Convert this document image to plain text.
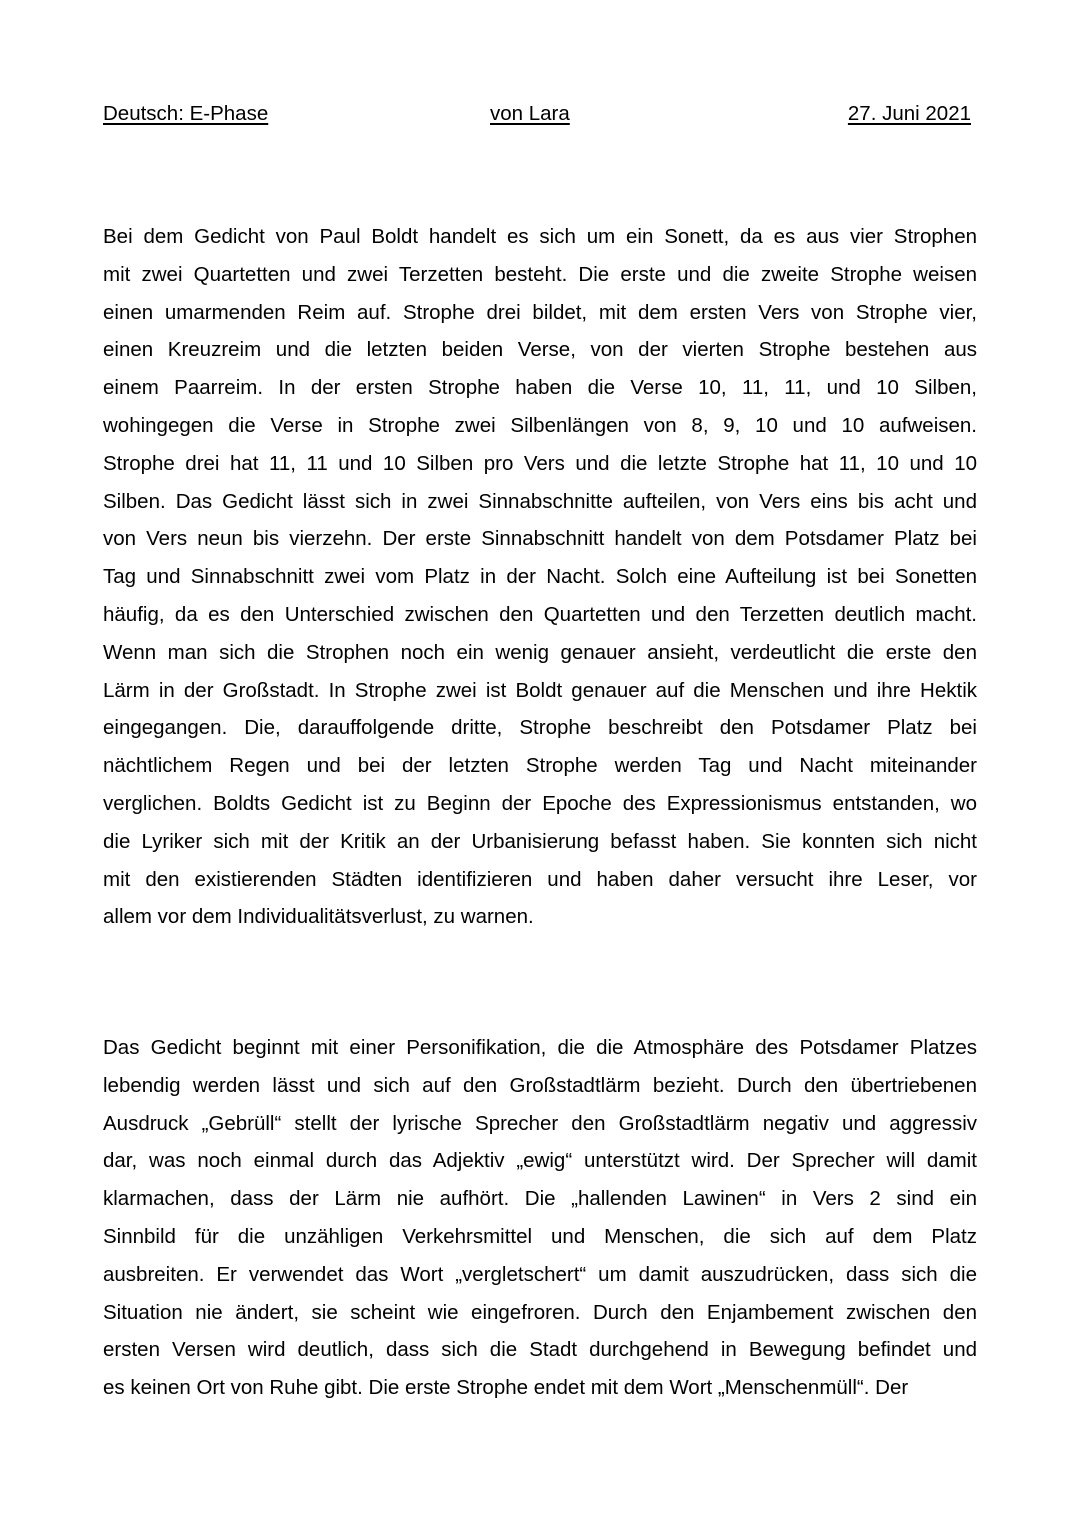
Deutsch: E-Phase	von Lara	27. Juni 2021
Bei dem Gedicht von Paul Boldt handelt es sich um ein Sonett, da es aus vier Strophen
mit zwei Quartetten und zwei Terzetten besteht. Die erste und die zweite Strophe weisen
einen umarmenden Reim auf. Strophe drei bildet, mit dem ersten Vers von Strophe vier,
einen Kreuzreim und die letzten beiden Verse, von der vierten Strophe bestehen aus
einem Paarreim. In der ersten Strophe haben die Verse 10, 11, 11, und 10 Silben,
wohingegen die Verse in Strophe zwei Silbenlängen von 8, 9, 10 und 10 aufweisen.
Strophe drei hat 11, 11 und 10 Silben pro Vers und die letzte Strophe hat 11, 10 und 10
Silben. Das Gedicht lässt sich in zwei Sinnabschnitte aufteilen, von Vers eins bis acht und
von Vers neun bis vierzehn. Der erste Sinnabschnitt handelt von dem Potsdamer Platz bei
Tag und Sinnabschnitt zwei vom Platz in der Nacht. Solch eine Aufteilung ist bei Sonetten
häufig, da es den Unterschied zwischen den Quartetten und den Terzetten deutlich macht.
Wenn man sich die Strophen noch ein wenig genauer ansieht, verdeutlicht die erste den
Lärm in der Großstadt. In Strophe zwei ist Boldt genauer auf die Menschen und ihre Hektik
eingegangen. Die, darauffolgende dritte, Strophe beschreibt den Potsdamer Platz bei
nächtlichem Regen und bei der letzten Strophe werden Tag und Nacht miteinander
verglichen. Boldts Gedicht ist zu Beginn der Epoche des Expressionismus entstanden, wo
die Lyriker sich mit der Kritik an der Urbanisierung befasst haben. Sie konnten sich nicht
mit den existierenden Städten identifizieren und haben daher versucht ihre Leser, vor
allem vor dem Individualitätsverlust, zu warnen.
Das Gedicht beginnt mit einer Personifikation, die die Atmosphäre des Potsdamer Platzes
lebendig werden lässt und sich auf den Großstadtlärm bezieht. Durch den übertriebenen
Ausdruck „Gebrüll“ stellt der lyrische Sprecher den Großstadtlärm negativ und aggressiv
dar, was noch einmal durch das Adjektiv „ewig“ unterstützt wird. Der Sprecher will damit
klarmachen, dass der Lärm nie aufhört. Die „hallenden Lawinen“ in Vers 2 sind ein
Sinnbild für die unzähligen Verkehrsmittel und Menschen, die sich auf dem Platz
ausbreiten. Er verwendet das Wort „vergletschert“ um damit auszudrücken, dass sich die
Situation nie ändert, sie scheint wie eingefroren. Durch den Enjambement zwischen den
ersten Versen wird deutlich, dass sich die Stadt durchgehend in Bewegung befindet und
es keinen Ort von Ruhe gibt. Die erste Strophe endet mit dem Wort „Menschenmüll“. Der
